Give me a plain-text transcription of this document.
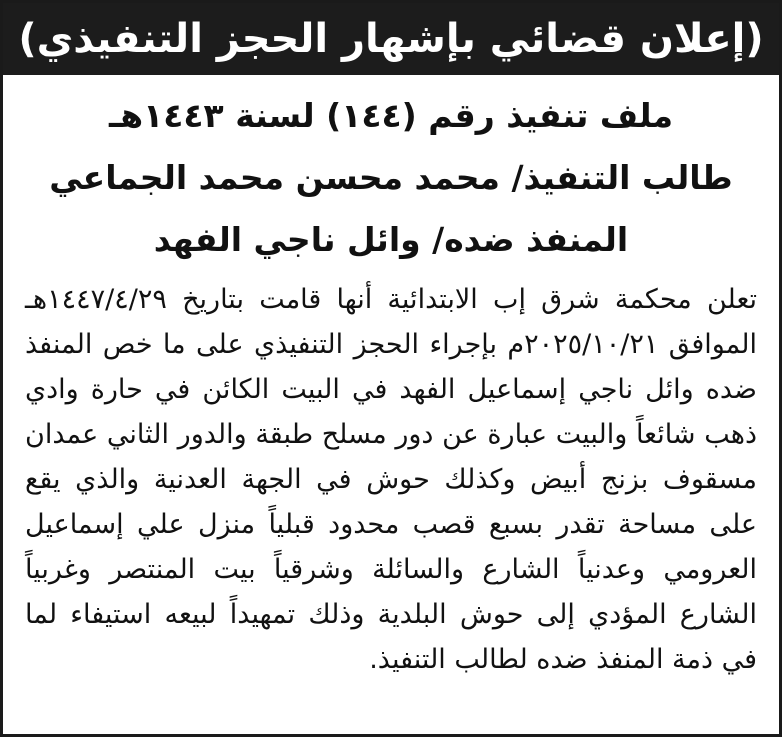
(إعلان قضائي بإشهار الحجز التنفيذي)
ملف تنفيذ رقم (١٤٤) لسنة ١٤٤٣هـ
طالب التنفيذ/ محمد محسن محمد الجماعي
المنفذ ضده/ وائل ناجي الفهد
تعلن محكمة شرق إب الابتدائية أنها قامت بتاريخ ١٤٤٧/٤/٢٩هـ الموافق ٢٠٢٥/١٠/٢١م بإجراء الحجز التنفيذي على ما خص المنفذ ضده وائل ناجي إسماعيل الفهد في البيت الكائن في حارة وادي ذهب شائعاً والبيت عبارة عن دور مسلح طبقة والدور الثاني عمدان مسقوف بزنج أبيض وكذلك حوش في الجهة العدنية والذي يقع على مساحة تقدر بسبع قصب محدود قبلياً منزل علي إسماعيل العرومي وعدنياً الشارع والسائلة وشرقياً بيت المنتصر وغربياً الشارع المؤدي إلى حوش البلدية وذلك تمهيداً لبيعه استيفاء لما في ذمة المنفذ ضده لطالب التنفيذ.
